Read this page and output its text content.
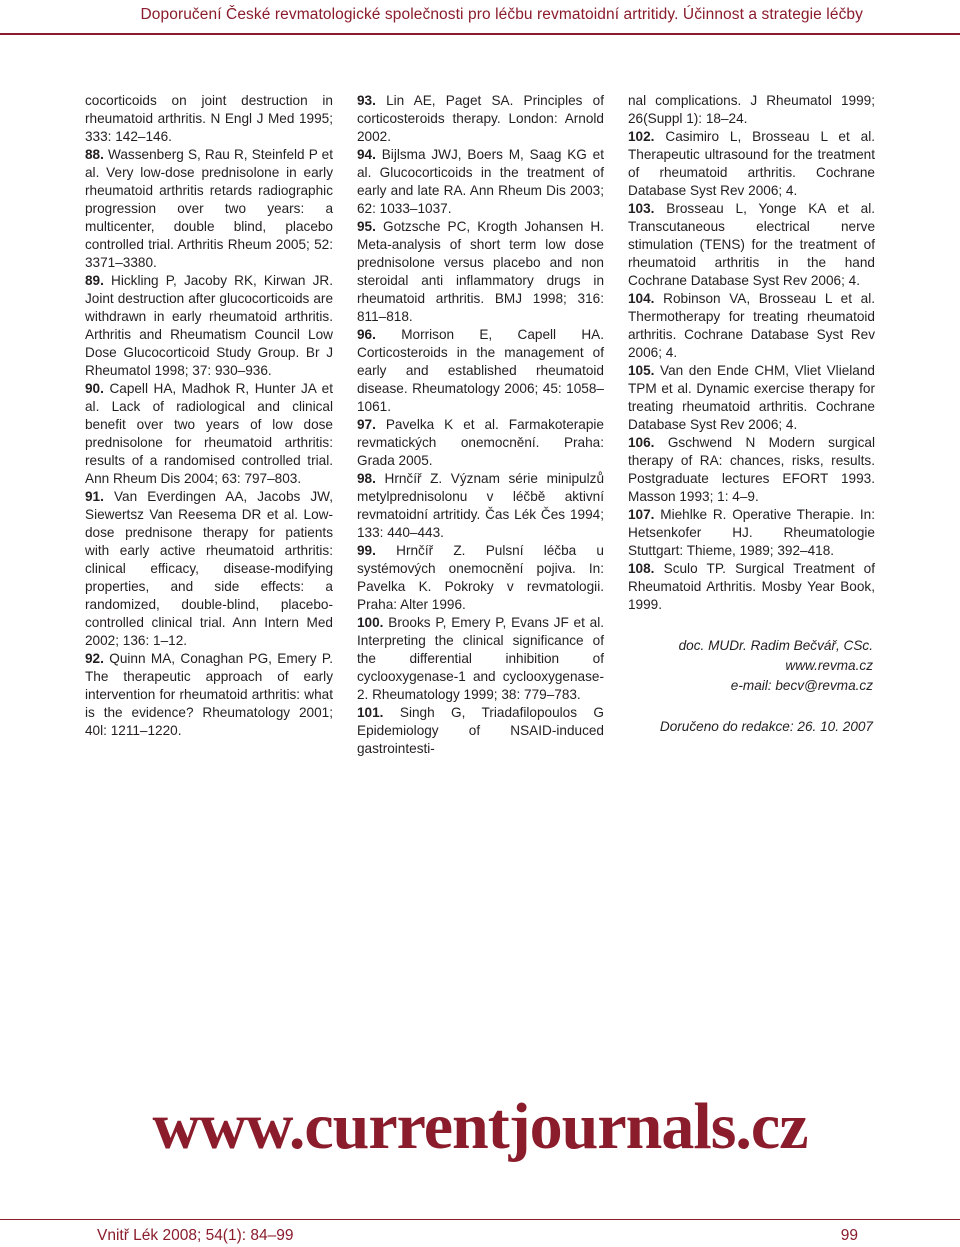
Doporučení České revmatologické společnosti pro léčbu revmatoidní artritidy. Účinnost a strategie léčby
cocorticoids on joint destruction in rheumatoid arthritis. N Engl J Med 1995; 333: 142–146.
88. Wassenberg S, Rau R, Steinfeld P et al. Very low-dose prednisolone in early rheumatoid arthritis retards radiographic progression over two years: a multicenter, double blind, placebo controlled trial. Arthritis Rheum 2005; 52: 3371–3380.
89. Hickling P, Jacoby RK, Kirwan JR. Joint destruction after glucocorticoids are withdrawn in early rheumatoid arthritis. Arthritis and Rheumatism Council Low Dose Glucocorticoid Study Group. Br J Rheumatol 1998; 37: 930–936.
90. Capell HA, Madhok R, Hunter JA et al. Lack of radiological and clinical benefit over two years of low dose prednisolone for rheumatoid arthritis: results of a randomised controlled trial. Ann Rheum Dis 2004; 63: 797–803.
91. Van Everdingen AA, Jacobs JW, Siewertsz Van Reesema DR et al. Low-dose prednisone therapy for patients with early active rheumatoid arthritis: clinical efficacy, disease-modifying properties, and side effects: a randomized, double-blind, placebo-controlled clinical trial. Ann Intern Med 2002; 136: 1–12.
92. Quinn MA, Conaghan PG, Emery P. The therapeutic approach of early intervention for rheumatoid arthritis: what is the evidence? Rheumatology 2001; 40l: 1211–1220.
93. Lin AE, Paget SA. Principles of corticosteroids therapy. London: Arnold 2002.
94. Bijlsma JWJ, Boers M, Saag KG et al. Glucocorticoids in the treatment of early and late RA. Ann Rheum Dis 2003; 62: 1033–1037.
95. Gotzsche PC, Krogth Johansen H. Meta-analysis of short term low dose prednisolone versus placebo and non steroidal anti inflammatory drugs in rheumatoid arthritis. BMJ 1998; 316: 811–818.
96. Morrison E, Capell HA. Corticosteroids in the management of early and established rheumatoid disease. Rheumatology 2006; 45: 1058–1061.
97. Pavelka K et al. Farmakoterapie revmatických onemocnění. Praha: Grada 2005.
98. Hrnčíř Z. Význam série minipulzů metylprednisolonu v léčbě aktivní revmatoidní artritidy. Čas Lék Čes 1994; 133: 440–443.
99. Hrnčíř Z. Pulsní léčba u systémových onemocnění pojiva. In: Pavelka K. Pokroky v revmatologii. Praha: Alter 1996.
100. Brooks P, Emery P, Evans JF et al. Interpreting the clinical significance of the differential inhibition of cyclooxygenase-1 and cyclooxygenase-2. Rheumatology 1999; 38: 779–783.
101. Singh G, Triadafilopoulos G Epidemiology of NSAID-induced gastrointesti-
nal complications. J Rheumatol 1999; 26(Suppl 1): 18–24.
102. Casimiro L, Brosseau L et al. Therapeutic ultrasound for the treatment of rheumatoid arthritis. Cochrane Database Syst Rev 2006; 4.
103. Brosseau L, Yonge KA et al. Transcutaneous electrical nerve stimulation (TENS) for the treatment of rheumatoid arthritis in the hand Cochrane Database Syst Rev 2006; 4.
104. Robinson VA, Brosseau L et al. Thermotherapy for treating rheumatoid arthritis. Cochrane Database Syst Rev 2006; 4.
105. Van den Ende CHM, Vliet Vlieland TPM et al. Dynamic exercise therapy for treating rheumatoid arthritis. Cochrane Database Syst Rev 2006; 4.
106. Gschwend N Modern surgical therapy of RA: chances, risks, results. Postgraduate lectures EFORT 1993. Masson 1993; 1: 4–9.
107. Miehlke R. Operative Therapie. In: Hetsenkofer HJ. Rheumatologie Stuttgart: Thieme, 1989; 392–418.
108. Sculo TP. Surgical Treatment of Rheumatoid Arthritis. Mosby Year Book, 1999.
doc. MUDr. Radim Bečvář, CSc.
www.revma.cz
e-mail: becv@revma.cz
Doručeno do redakce: 26. 10. 2007
www.currentjournals.cz
Vnitř Lék 2008; 54(1): 84–99	99
